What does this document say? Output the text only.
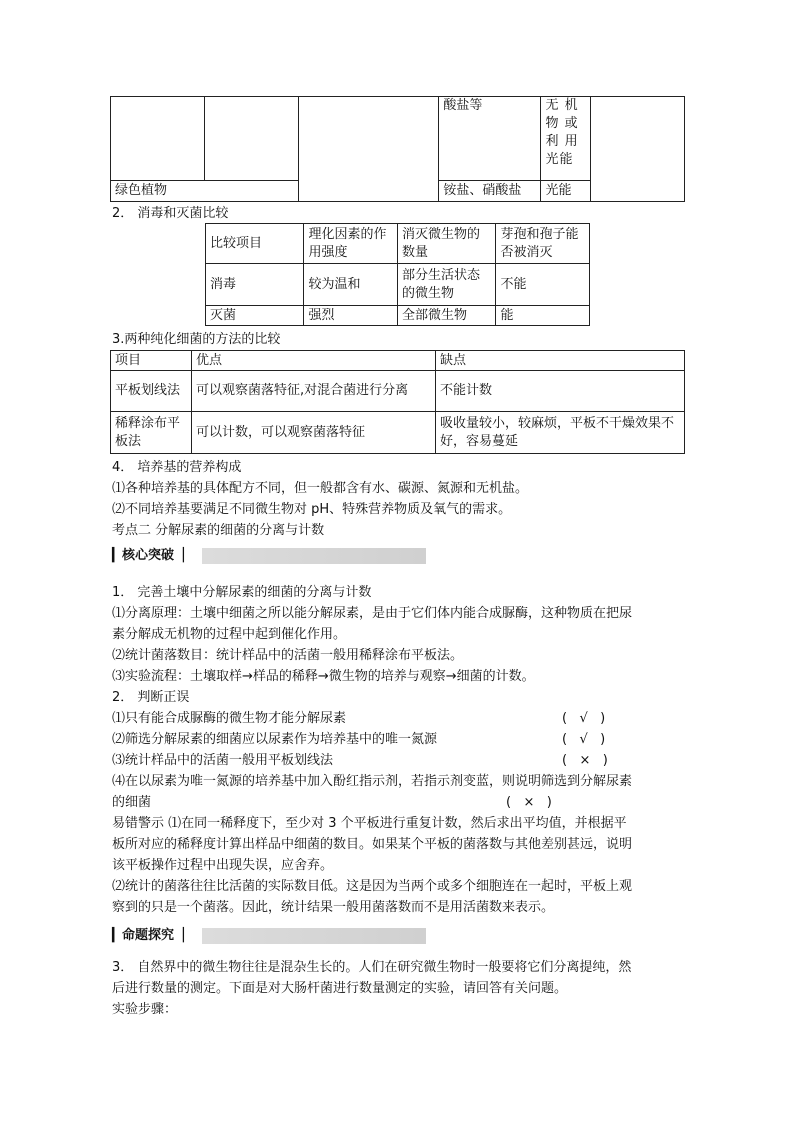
			酸盐等	无 机物 或利 用光能	
绿色植物			铵盐、硝酸盐	光能	
2． 消毒和灭菌比较
比较项目	理化因素的作用强度	消灭微生物的数量	芽孢和孢子能否被消灭
消毒	较为温和	部分生活状态的微生物	不能
灭菌	强烈	全部微生物	能
3.两种纯化细菌的方法的比较
项目	优点	缺点
平板划线法	可以观察菌落特征,对混合菌进行分离	不能计数
稀释涂布平板法	可以计数，可以观察菌落特征	吸收量较小，较麻烦，平板不干燥效果不好，容易蔓延
4． 培养基的营养构成
⑴各种培养基的具体配方不同，但一般都含有水、碳源、氮源和无机盐。
⑵不同培养基要满足不同微生物对 pH、特殊营养物质及氧气的需求。
考点二 分解尿素的细菌的分离与计数
▎核心突破▕
1． 完善土壤中分解尿素的细菌的分离与计数
⑴分离原理：土壤中细菌之所以能分解尿素，是由于它们体内能合成脲酶，这种物质在把尿
素分解成无机物的过程中起到催化作用。
⑵统计菌落数目：统计样品中的活菌一般用稀释涂布平板法。
⑶实验流程：土壤取样→样品的稀释→微生物的培养与观察→细菌的计数。
2． 判断正误
⑴只有能合成脲酶的微生物才能分解尿素	(   √   )
⑵筛选分解尿素的细菌应以尿素作为培养基中的唯一氮源	(   √   )
⑶统计样品中的活菌一般用平板划线法	(   ×   )
⑷在以尿素为唯一氮源的培养基中加入酚红指示剂，若指示剂变蓝，则说明筛选到分解尿素
的细菌	(   ×   )
易错警示 ⑴在同一稀释度下，至少对 3 个平板进行重复计数，然后求出平均值，并根据平
板所对应的稀释度计算出样品中细菌的数目。如果某个平板的菌落数与其他差别甚远，说明
该平板操作过程中出现失误，应舍弃。
⑵统计的菌落往往比活菌的实际数目低。这是因为当两个或多个细胞连在一起时，平板上观
察到的只是一个菌落。因此，统计结果一般用菌落数而不是用活菌数来表示。
▎命题探究▕
3． 自然界中的微生物往往是混杂生长的。人们在研究微生物时一般要将它们分离提纯，然
后进行数量的测定。下面是对大肠杆菌进行数量测定的实验，请回答有关问题。
实验步骤：
